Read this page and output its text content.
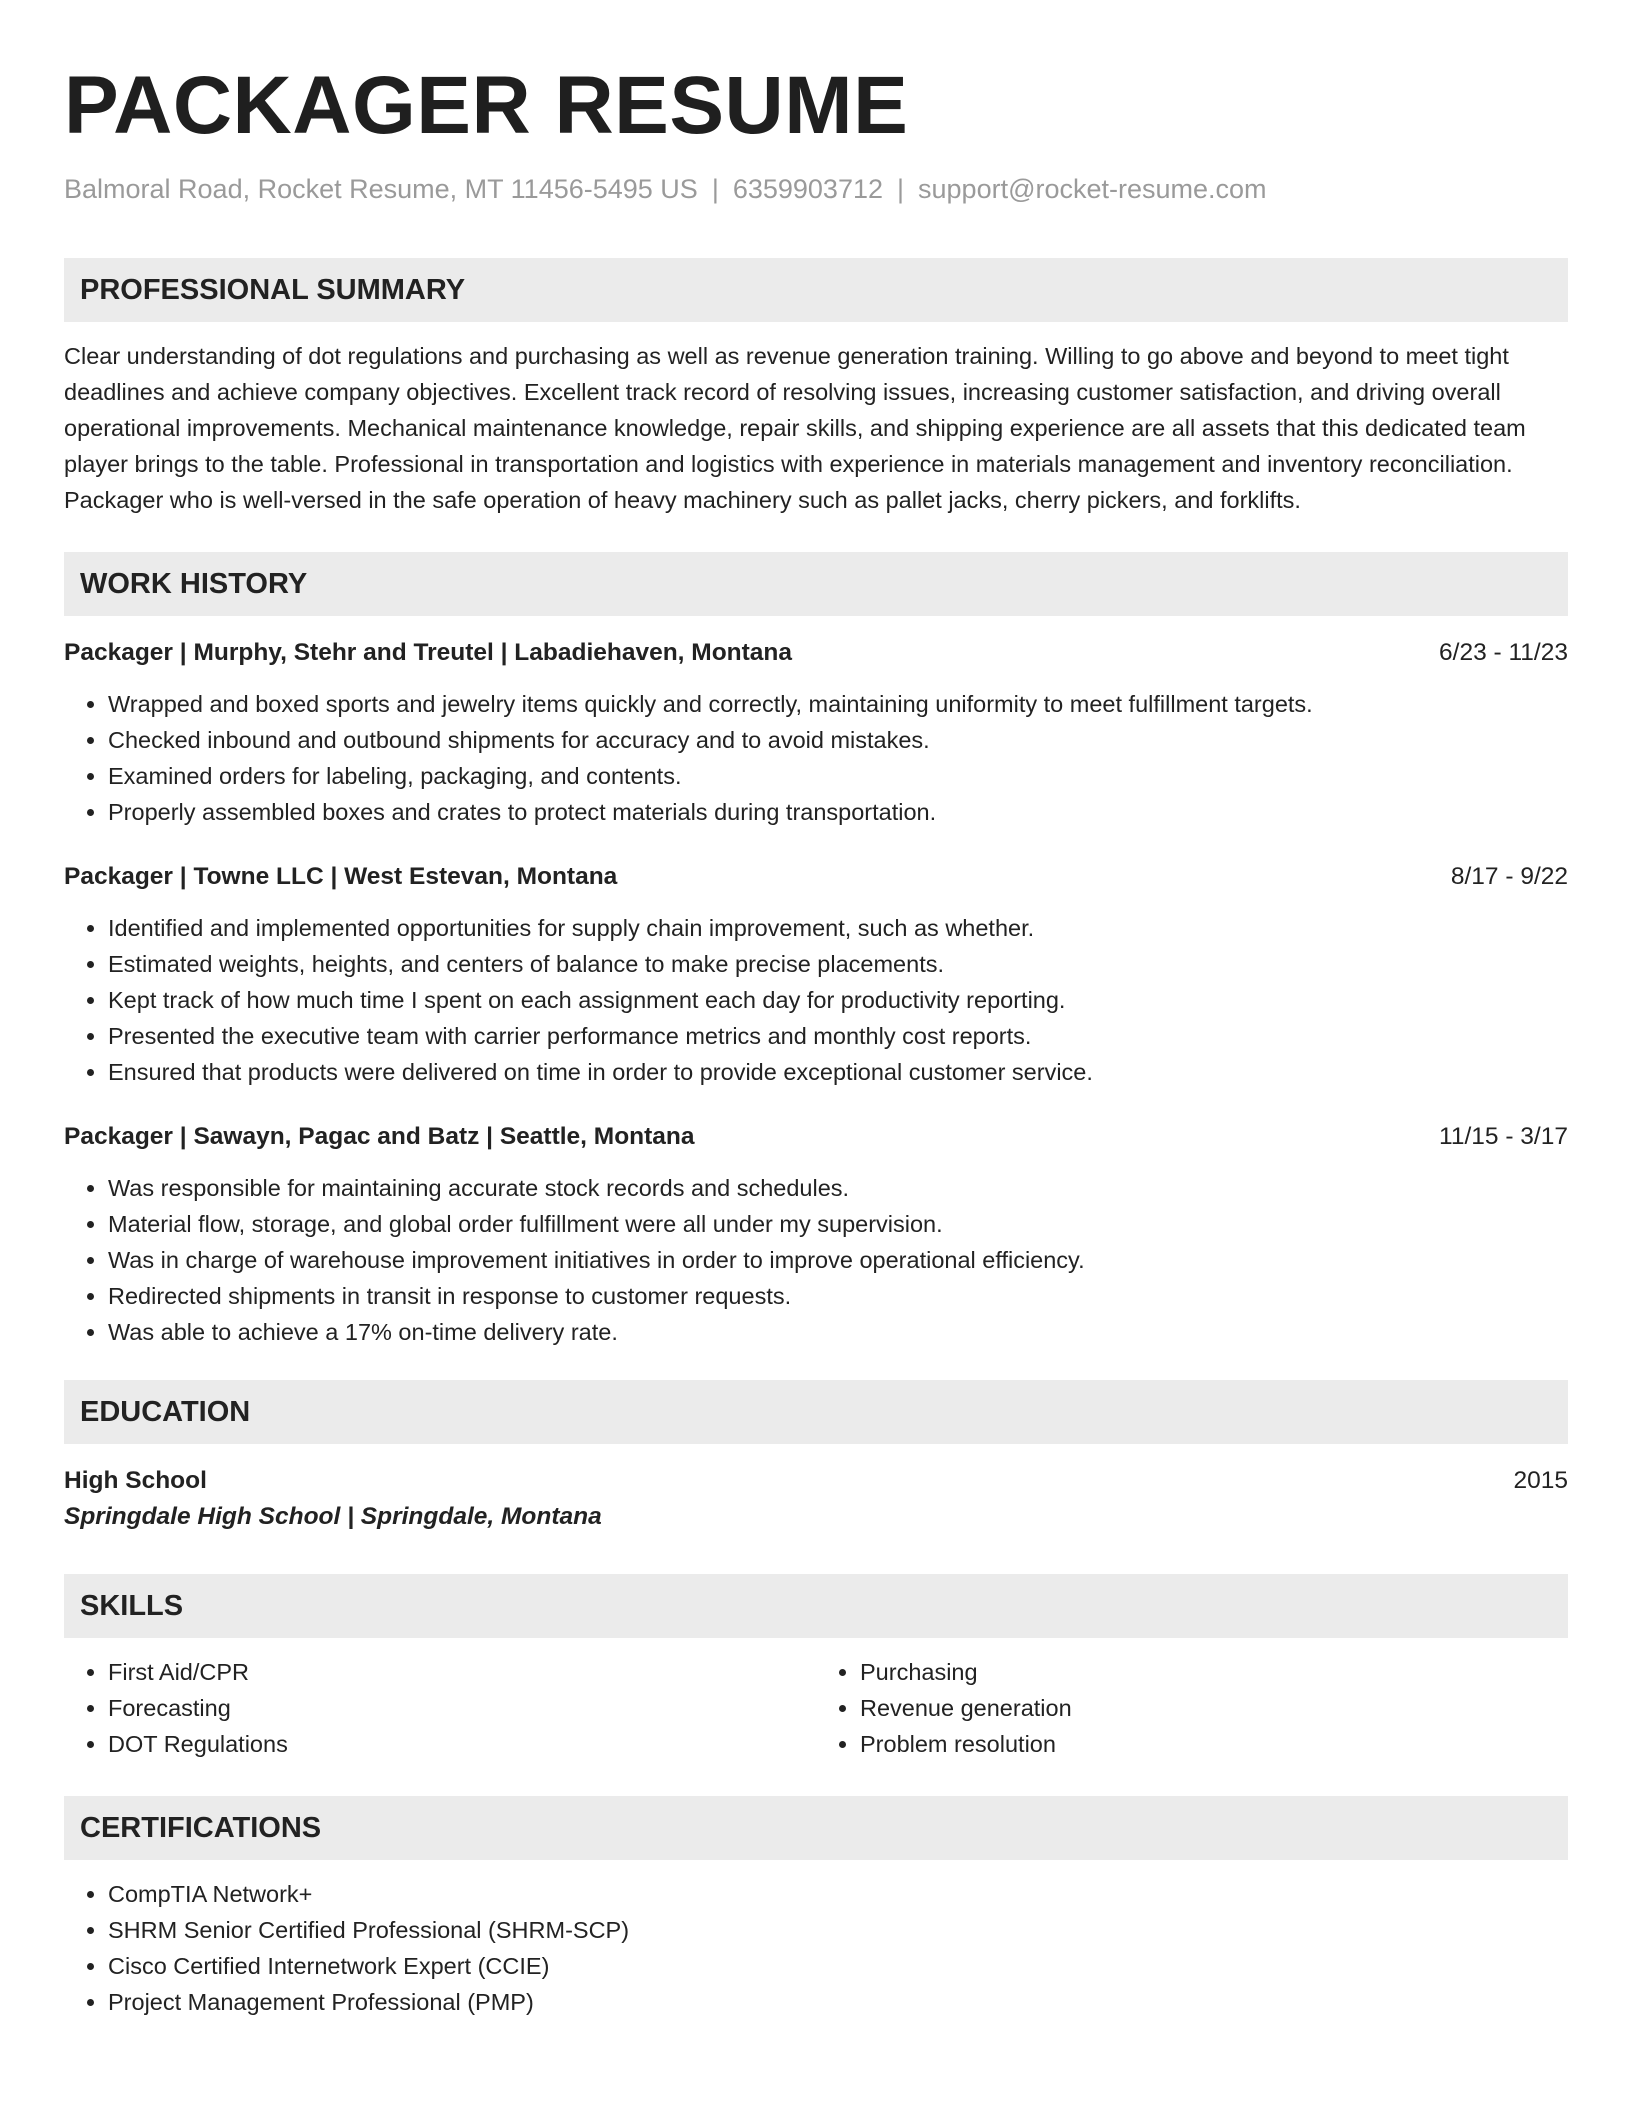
PACKAGER RESUME
Balmoral Road, Rocket Resume, MT 11456-5495 US | 6359903712 | support@rocket-resume.com
PROFESSIONAL SUMMARY
Clear understanding of dot regulations and purchasing as well as revenue generation training. Willing to go above and beyond to meet tight deadlines and achieve company objectives. Excellent track record of resolving issues, increasing customer satisfaction, and driving overall operational improvements. Mechanical maintenance knowledge, repair skills, and shipping experience are all assets that this dedicated team player brings to the table. Professional in transportation and logistics with experience in materials management and inventory reconciliation. Packager who is well-versed in the safe operation of heavy machinery such as pallet jacks, cherry pickers, and forklifts.
WORK HISTORY
Packager | Murphy, Stehr and Treutel | Labadiehaven, Montana	6/23 - 11/23
• Wrapped and boxed sports and jewelry items quickly and correctly, maintaining uniformity to meet fulfillment targets.
• Checked inbound and outbound shipments for accuracy and to avoid mistakes.
• Examined orders for labeling, packaging, and contents.
• Properly assembled boxes and crates to protect materials during transportation.
Packager | Towne LLC | West Estevan, Montana	8/17 - 9/22
• Identified and implemented opportunities for supply chain improvement, such as whether.
• Estimated weights, heights, and centers of balance to make precise placements.
• Kept track of how much time I spent on each assignment each day for productivity reporting.
• Presented the executive team with carrier performance metrics and monthly cost reports.
• Ensured that products were delivered on time in order to provide exceptional customer service.
Packager | Sawayn, Pagac and Batz | Seattle, Montana	11/15 - 3/17
• Was responsible for maintaining accurate stock records and schedules.
• Material flow, storage, and global order fulfillment were all under my supervision.
• Was in charge of warehouse improvement initiatives in order to improve operational efficiency.
• Redirected shipments in transit in response to customer requests.
• Was able to achieve a 17% on-time delivery rate.
EDUCATION
High School	2015
Springdale High School | Springdale, Montana
SKILLS
• First Aid/CPR
• Forecasting
• DOT Regulations
• Purchasing
• Revenue generation
• Problem resolution
CERTIFICATIONS
• CompTIA Network+
• SHRM Senior Certified Professional (SHRM-SCP)
• Cisco Certified Internetwork Expert (CCIE)
• Project Management Professional (PMP)
